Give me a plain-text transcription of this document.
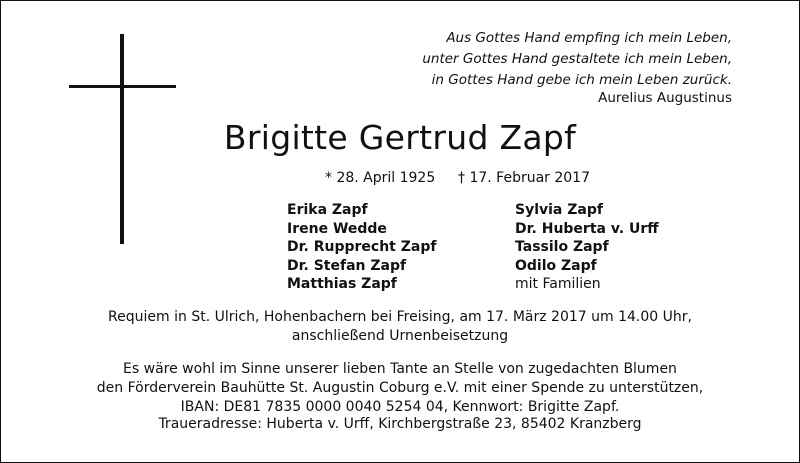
Aus Gottes Hand empfing ich mein Leben,
unter Gottes Hand gestaltete ich mein Leben,
in Gottes Hand gebe ich mein Leben zurück.
Aurelius Augustinus
Brigitte Gertrud Zapf
* 28. April 1925 † 17. Februar 2017
Erika Zapf
Irene Wedde
Dr. Rupprecht Zapf
Dr. Stefan Zapf
Matthias Zapf
Sylvia Zapf
Dr. Huberta v. Urff
Tassilo Zapf
Odilo Zapf
mit Familien
Requiem in St. Ulrich, Hohenbachern bei Freising, am 17. März 2017 um 14.00 Uhr,
anschließend Urnenbeisetzung
Es wäre wohl im Sinne unserer lieben Tante an Stelle von zugedachten Blumen
den Förderverein Bauhütte St. Augustin Coburg e.V. mit einer Spende zu unterstützen,
IBAN: DE81 7835 0000 0040 5254 04, Kennwort: Brigitte Zapf.
Traueradresse: Huberta v. Urff, Kirchbergstraße 23, 85402 Kranzberg
